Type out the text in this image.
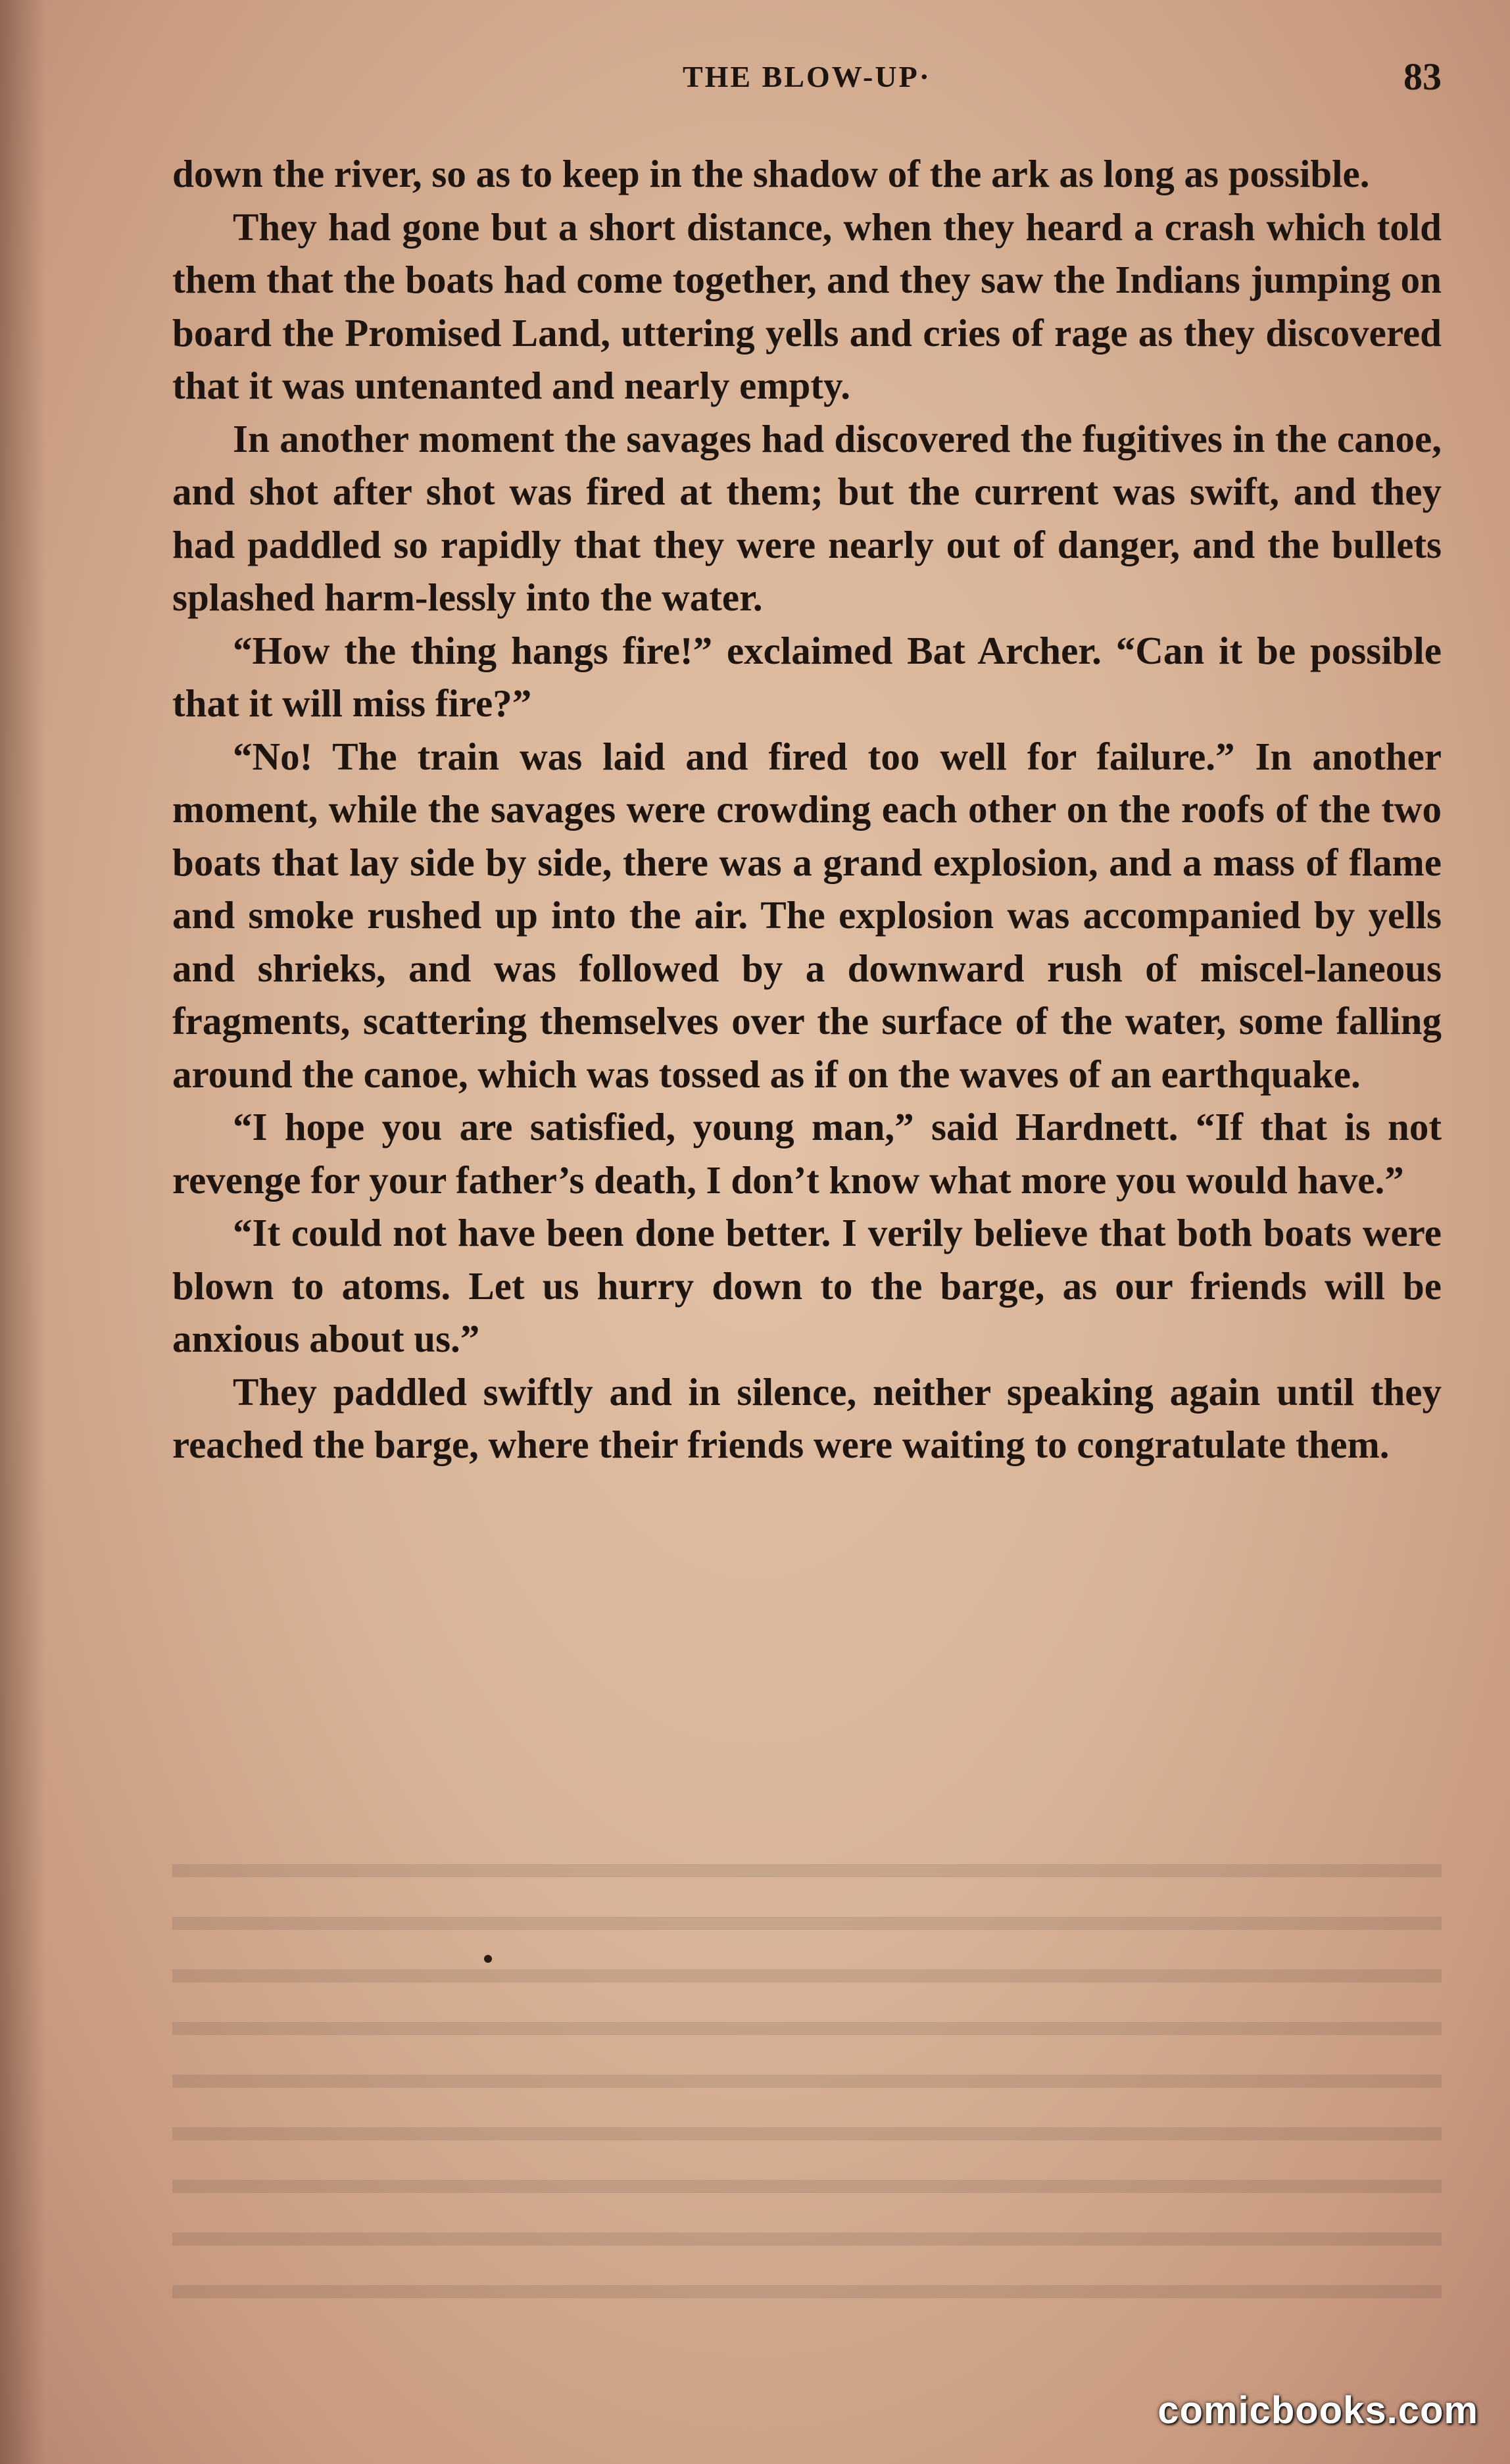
THE BLOW-UP·	83

down the river, so as to keep in the shadow of the ark as long as possible.

They had gone but a short distance, when they heard a crash which told them that the boats had come together, and they saw the Indians jumping on board the Promised Land, uttering yells and cries of rage as they discovered that it was untenanted and nearly empty.

In another moment the savages had discovered the fugitives in the canoe, and shot after shot was fired at them; but the current was swift, and they had paddled so rapidly that they were nearly out of danger, and the bullets splashed harm-lessly into the water.

“How the thing hangs fire!” exclaimed Bat Archer. “Can it be possible that it will miss fire?”

“No! The train was laid and fired too well for failure.” In another moment, while the savages were crowding each other on the roofs of the two boats that lay side by side, there was a grand explosion, and a mass of flame and smoke rushed up into the air. The explosion was accompanied by yells and shrieks, and was followed by a downward rush of miscel-laneous fragments, scattering themselves over the surface of the water, some falling around the canoe, which was tossed as if on the waves of an earthquake.

“I hope you are satisfied, young man,” said Hardnett. “If that is not revenge for your father’s death, I don’t know what more you would have.”

“It could not have been done better. I verily believe that both boats were blown to atoms. Let us hurry down to the barge, as our friends will be anxious about us.”

They paddled swiftly and in silence, neither speaking again until they reached the barge, where their friends were waiting to congratulate them.

comicbooks.com
